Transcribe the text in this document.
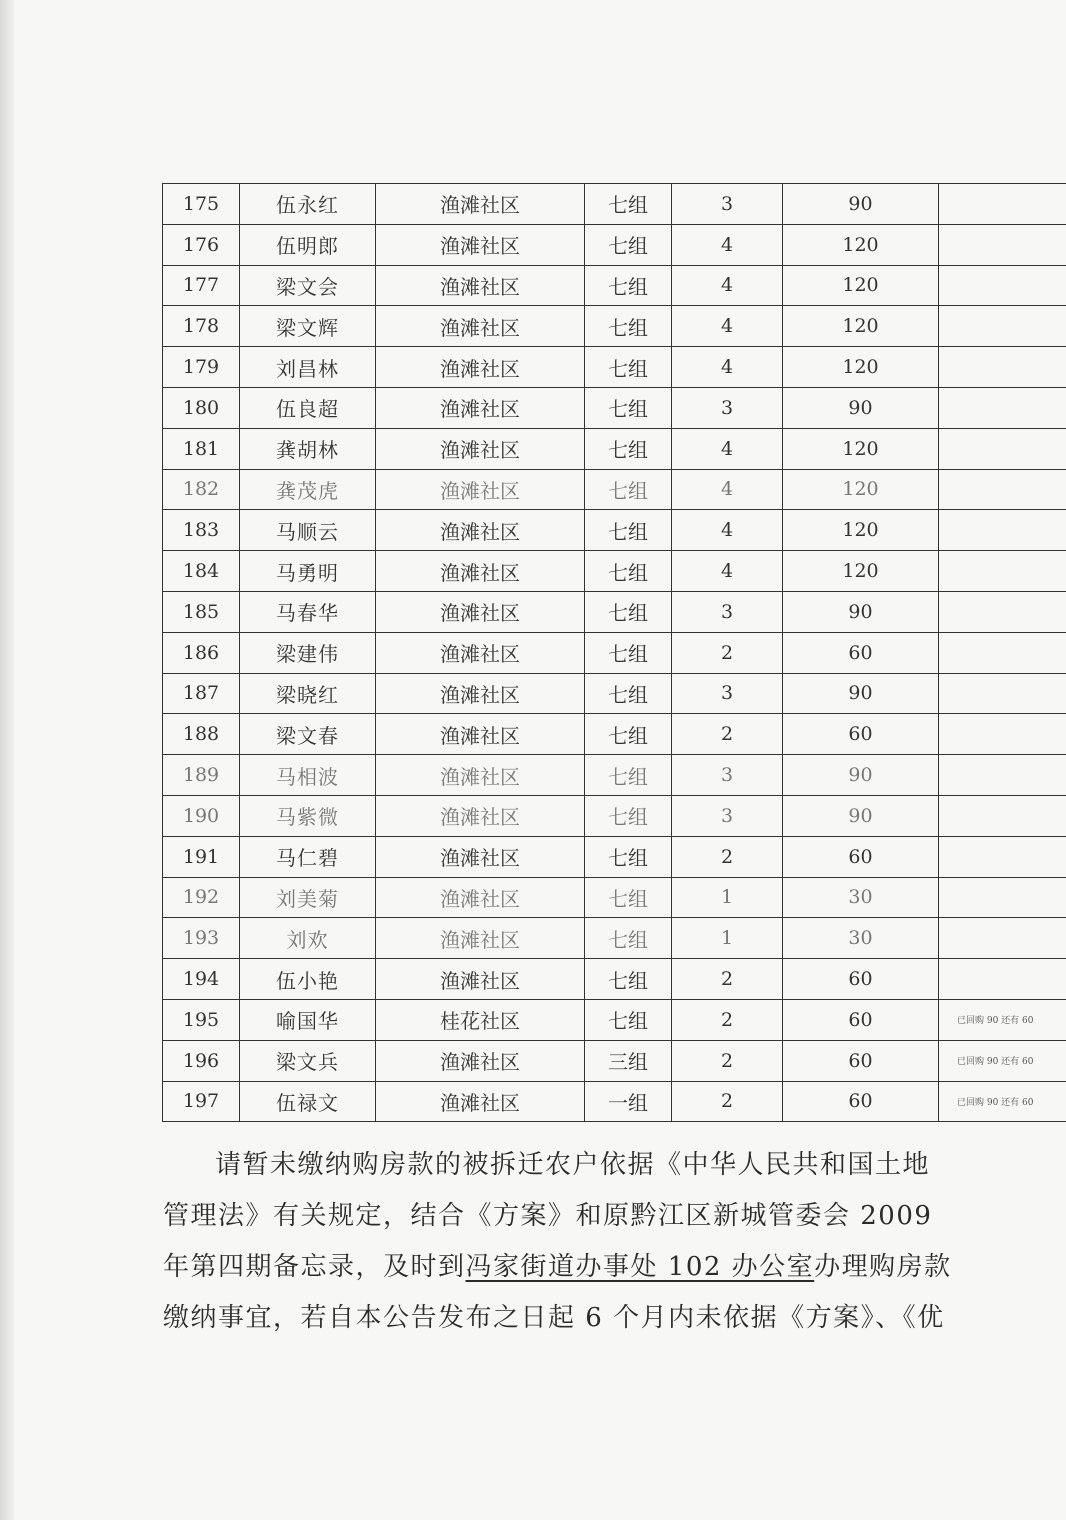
175	伍永红	渔滩社区	七组	3	90	
176	伍明郎	渔滩社区	七组	4	120	
177	梁文会	渔滩社区	七组	4	120	
178	梁文辉	渔滩社区	七组	4	120	
179	刘昌林	渔滩社区	七组	4	120	
180	伍良超	渔滩社区	七组	3	90	
181	龚胡林	渔滩社区	七组	4	120	
182	龚茂虎	渔滩社区	七组	4	120	
183	马顺云	渔滩社区	七组	4	120	
184	马勇明	渔滩社区	七组	4	120	
185	马春华	渔滩社区	七组	3	90	
186	梁建伟	渔滩社区	七组	2	60	
187	梁晓红	渔滩社区	七组	3	90	
188	梁文春	渔滩社区	七组	2	60	
189	马相波	渔滩社区	七组	3	90	
190	马紫微	渔滩社区	七组	3	90	
191	马仁碧	渔滩社区	七组	2	60	
192	刘美菊	渔滩社区	七组	1	30	
193	刘欢	渔滩社区	七组	1	30	
194	伍小艳	渔滩社区	七组	2	60	
195	喻国华	桂花社区	七组	2	60	已回购 90 还有 60
196	梁文兵	渔滩社区	三组	2	60	已回购 90 还有 60
197	伍禄文	渔滩社区	一组	2	60	已回购 90 还有 60

请暂未缴纳购房款的被拆迁农户依据《中华人民共和国土地

管理法》有关规定，结合《方案》和原黔江区新城管委会 2009

年第四期备忘录，及时到冯家街道办事处 102 办公室办理购房款

缴纳事宜，若自本公告发布之日起 6 个月内未依据《方案》、《优
